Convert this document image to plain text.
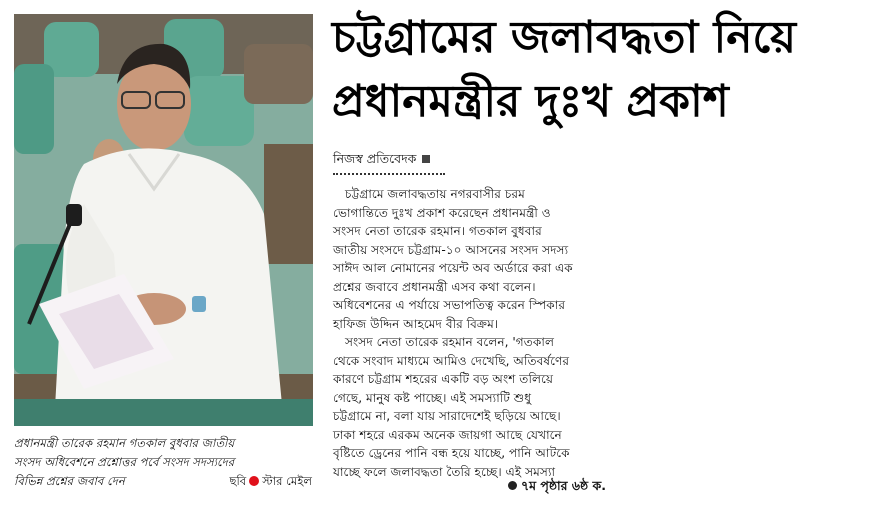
প্রধানমন্ত্রী তারেক রহমান গতকাল বুধবার জাতীয়
সংসদ অধিবেশনে প্রশ্নোত্তর পর্বে সংসদ সদস্যদের
বিভিন্ন প্রশ্নের জবাব দেন	ছবি স্টার মেইল
চট্টগ্রামের জলাবদ্ধতা নিয়ে
প্রধানমন্ত্রীর দুঃখ প্রকাশ
নিজস্ব প্রতিবেদক
চট্টগ্রামে জলাবদ্ধতায় নগরবাসীর চরম
ভোগান্তিতে দুঃখ প্রকাশ করেছেন প্রধানমন্ত্রী ও
সংসদ নেতা তারেক রহমান। গতকাল বুধবার
জাতীয় সংসদে চট্টগ্রাম-১০ আসনের সংসদ সদস্য
সাঈদ আল নোমানের পয়েন্ট অব অর্ডারে করা এক
প্রশ্নের জবাবে প্রধানমন্ত্রী এসব কথা বলেন।
অধিবেশনের এ পর্যায়ে সভাপতিত্ব করেন স্পিকার
হাফিজ উদ্দিন আহমেদ বীর বিক্রম।
সংসদ নেতা তারেক রহমান বলেন, 'গতকাল
থেকে সংবাদ মাধ্যমে আমিও দেখেছি, অতিবর্ষণের
কারণে চট্টগ্রাম শহরের একটি বড় অংশ তলিয়ে
গেছে, মানুষ কষ্ট পাচ্ছে। এই সমস্যাটি শুধু
চট্টগ্রামে না, বলা যায় সারাদেশেই ছড়িয়ে আছে।
ঢাকা শহরে এরকম অনেক জায়গা আছে যেখানে
বৃষ্টিতে ড্রেনের পানি বন্ধ হয়ে যাচ্ছে, পানি আটকে
যাচ্ছে ফলে জলাবদ্ধতা তৈরি হচ্ছে। এই সমস্যা
৭ম পৃষ্ঠার ৬ষ্ঠ ক.
